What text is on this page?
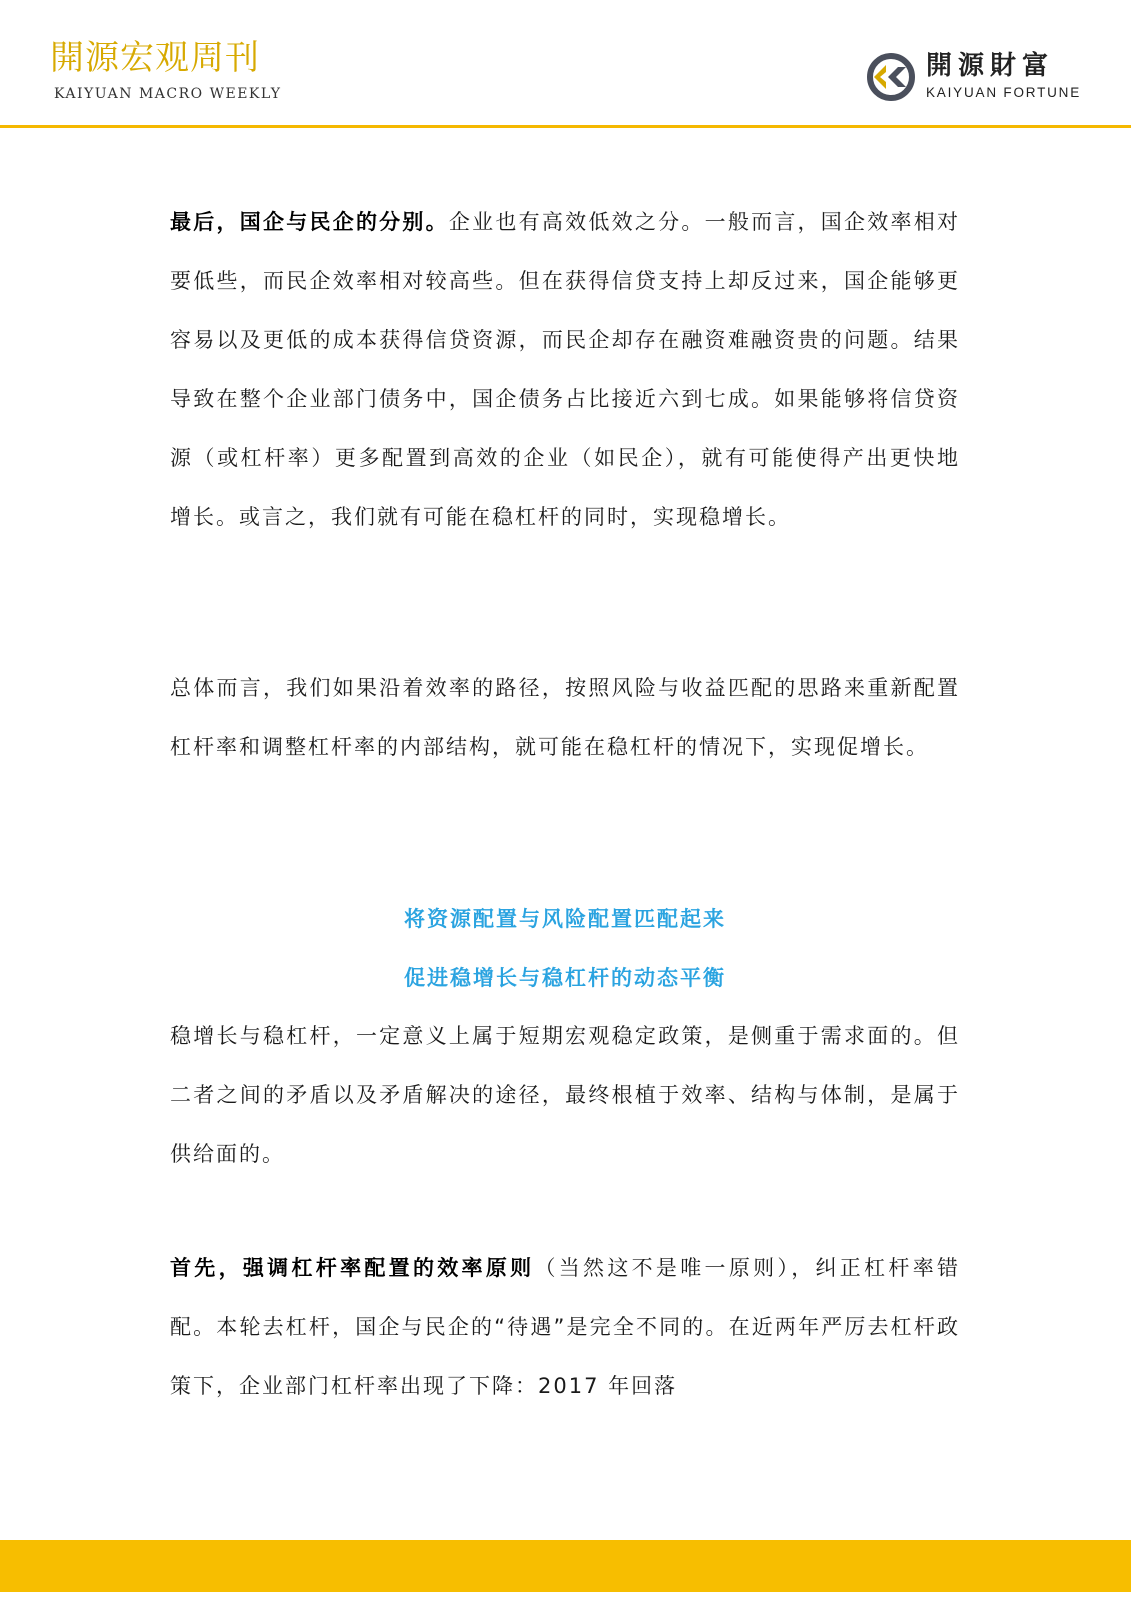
開源宏观周刊
KAIYUAN MACRO WEEKLY
開源財富
KAIYUAN FORTUNE

最后，国企与民企的分别。企业也有高效低效之分。一般而言，国企效率相对要低些，而民企效率相对较高些。但在获得信贷支持上却反过来，国企能够更容易以及更低的成本获得信贷资源，而民企却存在融资难融资贵的问题。结果导致在整个企业部门债务中，国企债务占比接近六到七成。如果能够将信贷资源（或杠杆率）更多配置到高效的企业（如民企），就有可能使得产出更快地增长。或言之，我们就有可能在稳杠杆的同时，实现稳增长。

总体而言，我们如果沿着效率的路径，按照风险与收益匹配的思路来重新配置杠杆率和调整杠杆率的内部结构，就可能在稳杠杆的情况下，实现促增长。

将资源配置与风险配置匹配起来

促进稳增长与稳杠杆的动态平衡

稳增长与稳杠杆，一定意义上属于短期宏观稳定政策，是侧重于需求面的。但二者之间的矛盾以及矛盾解决的途径，最终根植于效率、结构与体制，是属于供给面的。

首先，强调杠杆率配置的效率原则（当然这不是唯一原则），纠正杠杆率错配。本轮去杠杆，国企与民企的“待遇”是完全不同的。在近两年严厉去杠杆政策下，企业部门杠杆率出现了下降：2017 年回落
